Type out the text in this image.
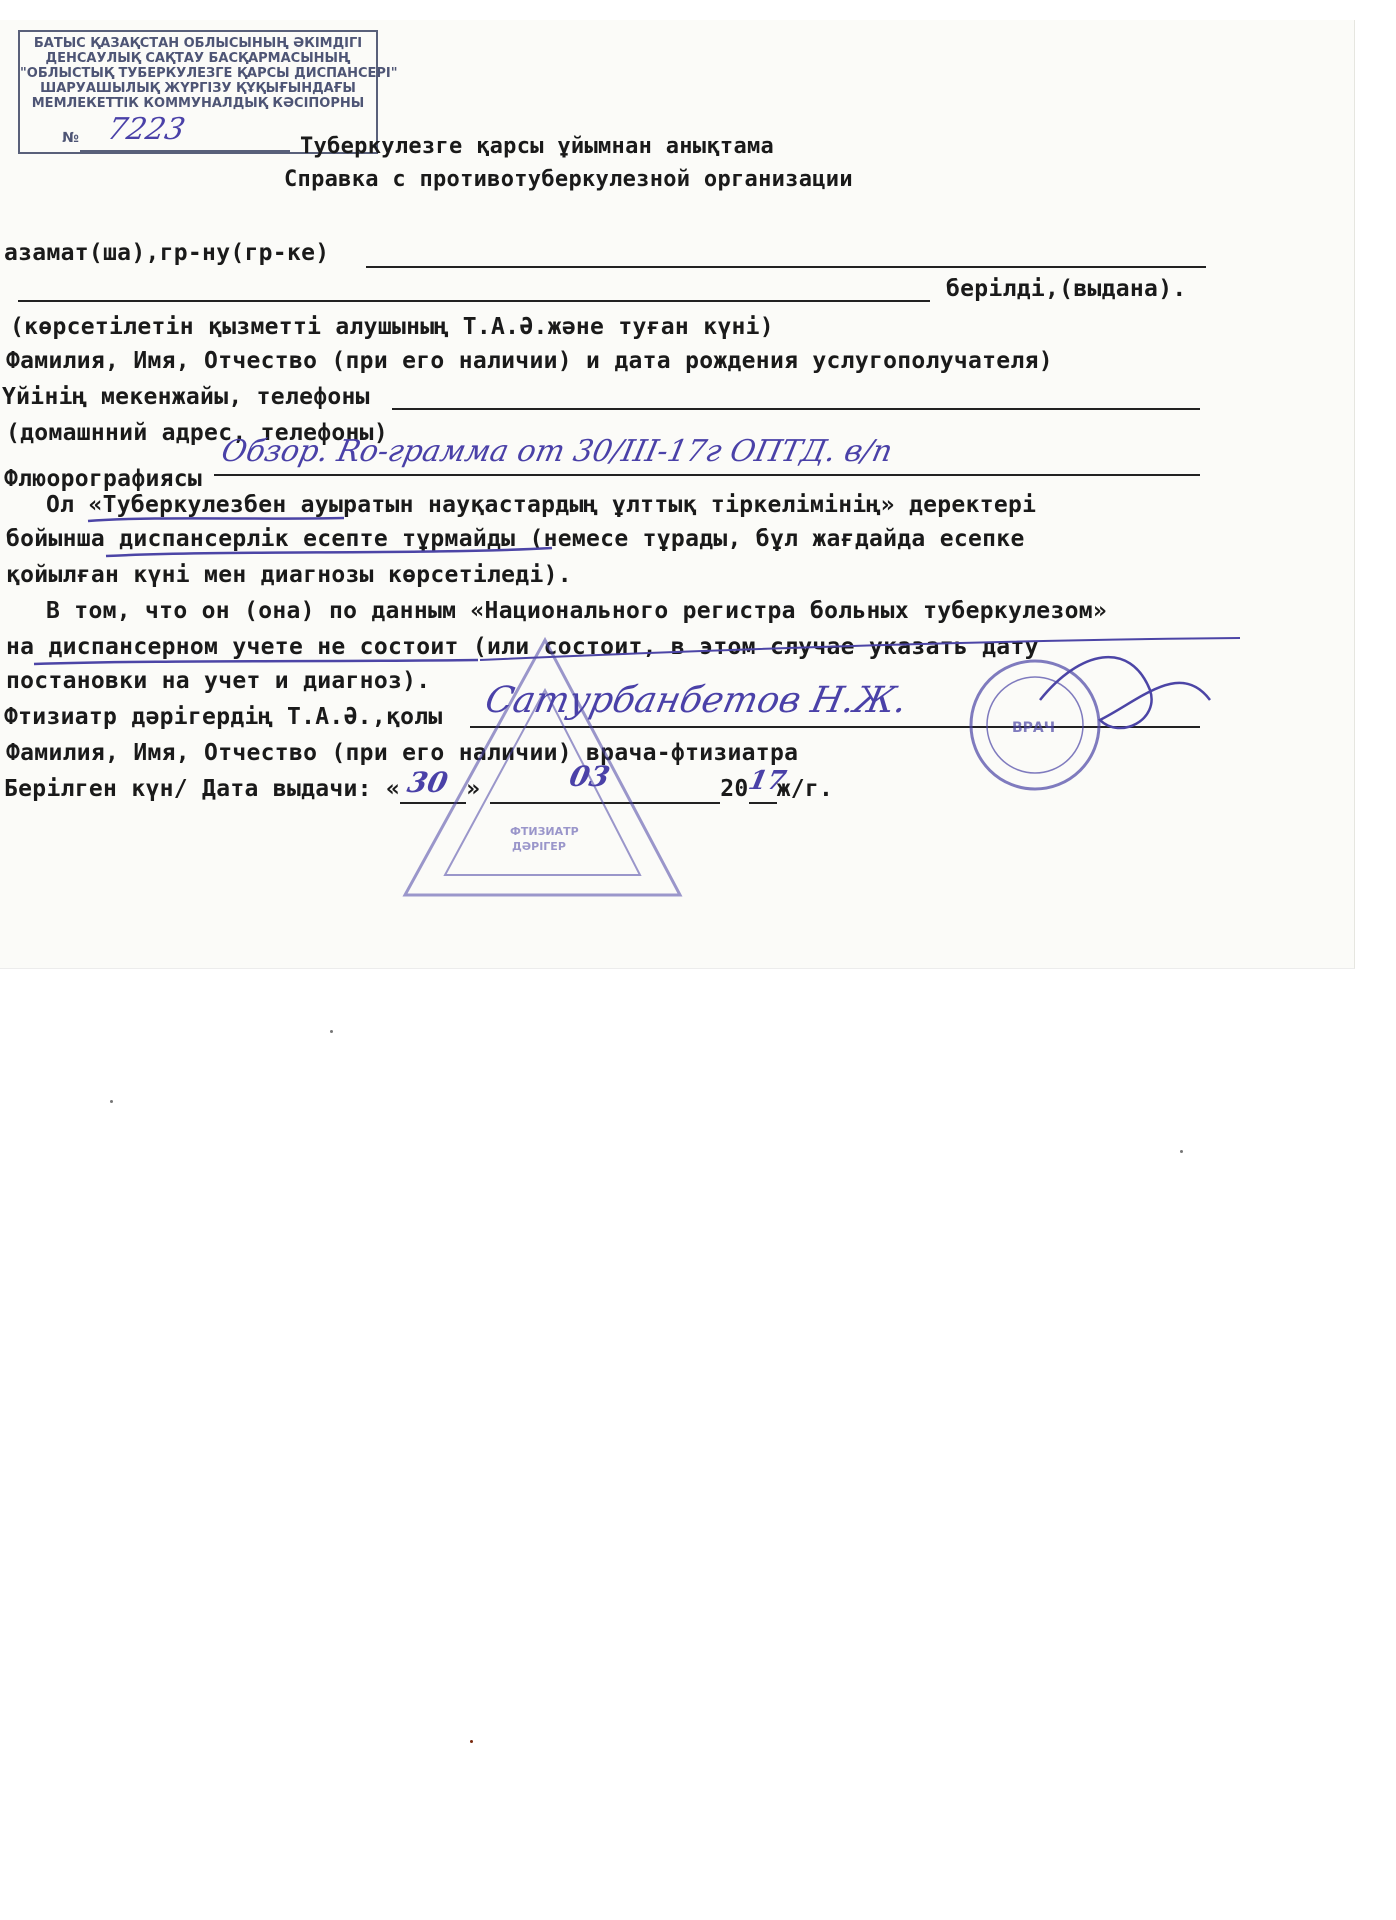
БАТЫС ҚАЗАҚСТАН ОБЛЫСЫНЫҢ ӘКІМДІГІ
ДЕНСАУЛЫҚ САҚТАУ БАСҚАРМАСЫНЫҢ
"ОБЛЫСТЫҚ ТУБЕРКУЛЕЗГЕ ҚАРСЫ ДИСПАНСЕРІ"
ШАРУАШЫЛЫҚ ЖҮРГІЗУ ҚҰҚЫҒЫНДАҒЫ
МЕМЛЕКЕТТІК КОММУНАЛДЫҚ КӘСІПОРНЫ
№ 7223	Туберкулезге қарсы ұйымнан анықтама
Справка с противотуберкулезной организации
азамат(ша),гр-ну(гр-ке)
берілді,(выдана).
(көрсетілетін қызметті алушының Т.А.Ә.және туған күні)
Фамилия, Имя, Отчество (при его наличии) и дата рождения услугополучателя)
Үйінің мекенжайы, телефоны
(домашнний адрес, телефоны)
Флюорографиясы
Обзор. Rо-грамма от 30/III-17г ОПТД. в/п
Ол «Туберкулезбен ауыратын науқастардың ұлттық тіркелімінің» деректері
бойынша диспансерлік есепте тұрмайды (немесе тұрады, бұл жағдайда есепке
қойылған күні мен диагнозы көрсетіледі).
В том, что он (она) по данным «Национального регистра больных туберкулезом»
на диспансерном учете не состоит (или состоит, в этом случае указать дату
постановки на учет и диагноз).
Фтизиатр дәрігердің Т.А.Ә.,қолы Сатурбанбетов Н.Ж.
Фамилия, Имя, Отчество (при его наличии) врача-фтизиатра
Берілген күн/ Дата выдачи: « 30 »	03	20
17
ж/г.
ФТИЗИАТР
ДӘРІГЕР
ВРАЧ
